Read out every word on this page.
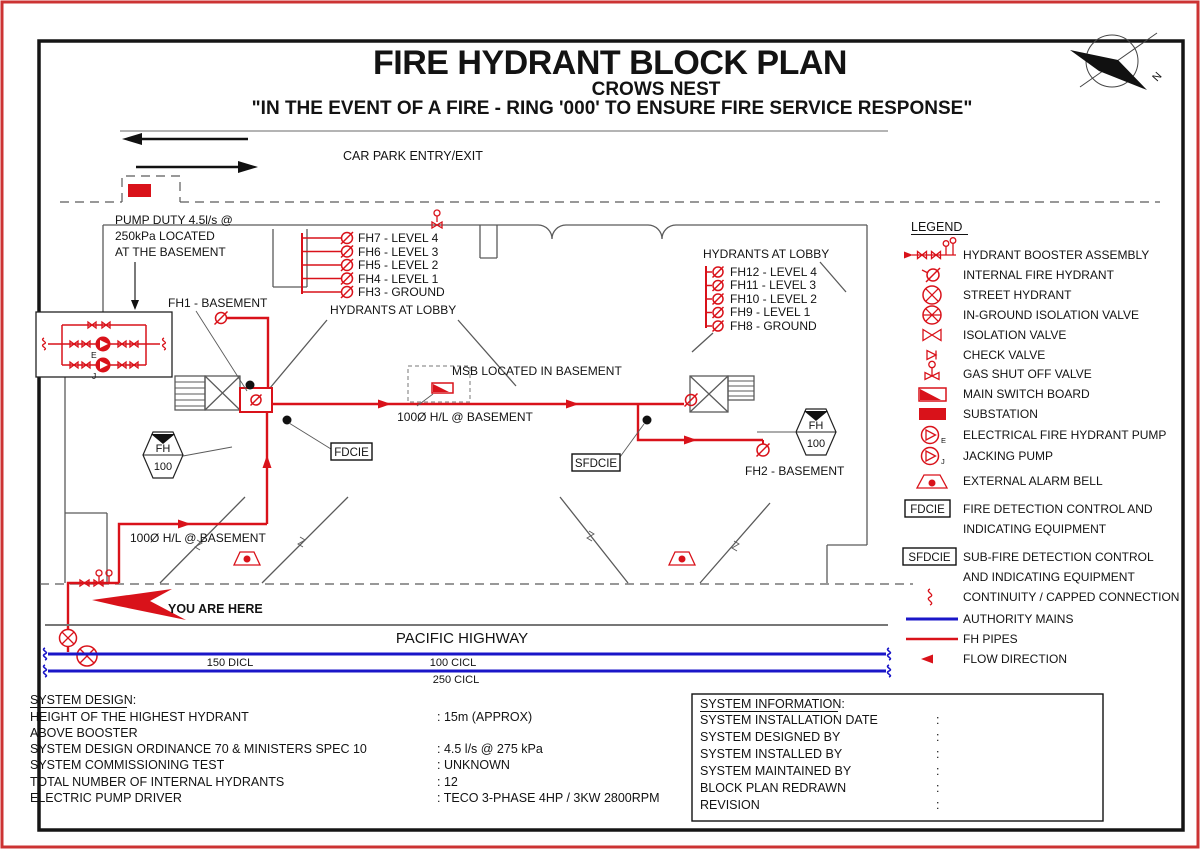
FIRE HYDRANT BLOCK PLAN
CROWS NEST
"IN THE EVENT OF A FIRE - RING '000' TO ENSURE FIRE SERVICE RESPONSE"
N
CAR PARK ENTRY/EXIT
E
J
PUMP DUTY 4.5l/s @
250kPa LOCATED
AT THE BASEMENT
FH1 - BASEMENT
FH7 - LEVEL 4
FH6 - LEVEL 3
FH5 - LEVEL 2
FH4 - LEVEL 1
FH3 - GROUND
HYDRANTS AT LOBBY
MSB LOCATED IN BASEMENT
100Ø H/L @ BASEMENT
FDCIE
SFDCIE	FH2 - BASEMENT
HYDRANTS AT LOBBY
FH12 - LEVEL 4
FH11 - LEVEL 3
FH10 - LEVEL 2
FH9 - LEVEL 1
FH8 - GROUND
FH
100
FH
100
100Ø H/L @ BASEMENT
YOU ARE HERE
PACIFIC HIGHWAY
150 DICL	100 CICL
250 CICL
LEGEND
HYDRANT BOOSTER ASSEMBLY
INTERNAL FIRE HYDRANT
STREET HYDRANT
IN-GROUND ISOLATION VALVE
ISOLATION VALVE
CHECK VALVE
GAS SHUT OFF VALVE
MAIN SWITCH BOARD
SUBSTATION
E ELECTRICAL FIRE HYDRANT PUMP
J JACKING PUMP
EXTERNAL ALARM BELL
FDCIE FIRE DETECTION CONTROL AND
INDICATING EQUIPMENT
SFDCIE SUB-FIRE DETECTION CONTROL
AND INDICATING EQUIPMENT
CONTINUITY / CAPPED CONNECTION
AUTHORITY MAINS
FH PIPES
FLOW DIRECTION
SYSTEM DESIGN:
HEIGHT OF THE HIGHEST HYDRANT	: 15m (APPROX)
ABOVE BOOSTER
SYSTEM DESIGN ORDINANCE 70 & MINISTERS SPEC 10	: 4.5 l/s @ 275 kPa
SYSTEM COMMISSIONING TEST	: UNKNOWN
TOTAL NUMBER OF INTERNAL HYDRANTS	: 12
ELECTRIC PUMP DRIVER	: TECO 3-PHASE 4HP / 3KW 2800RPM
SYSTEM INFORMATION:
SYSTEM INSTALLATION DATE	:
SYSTEM DESIGNED BY	:
SYSTEM INSTALLED BY	:
SYSTEM MAINTAINED BY	:
BLOCK PLAN REDRAWN	:
REVISION	:
